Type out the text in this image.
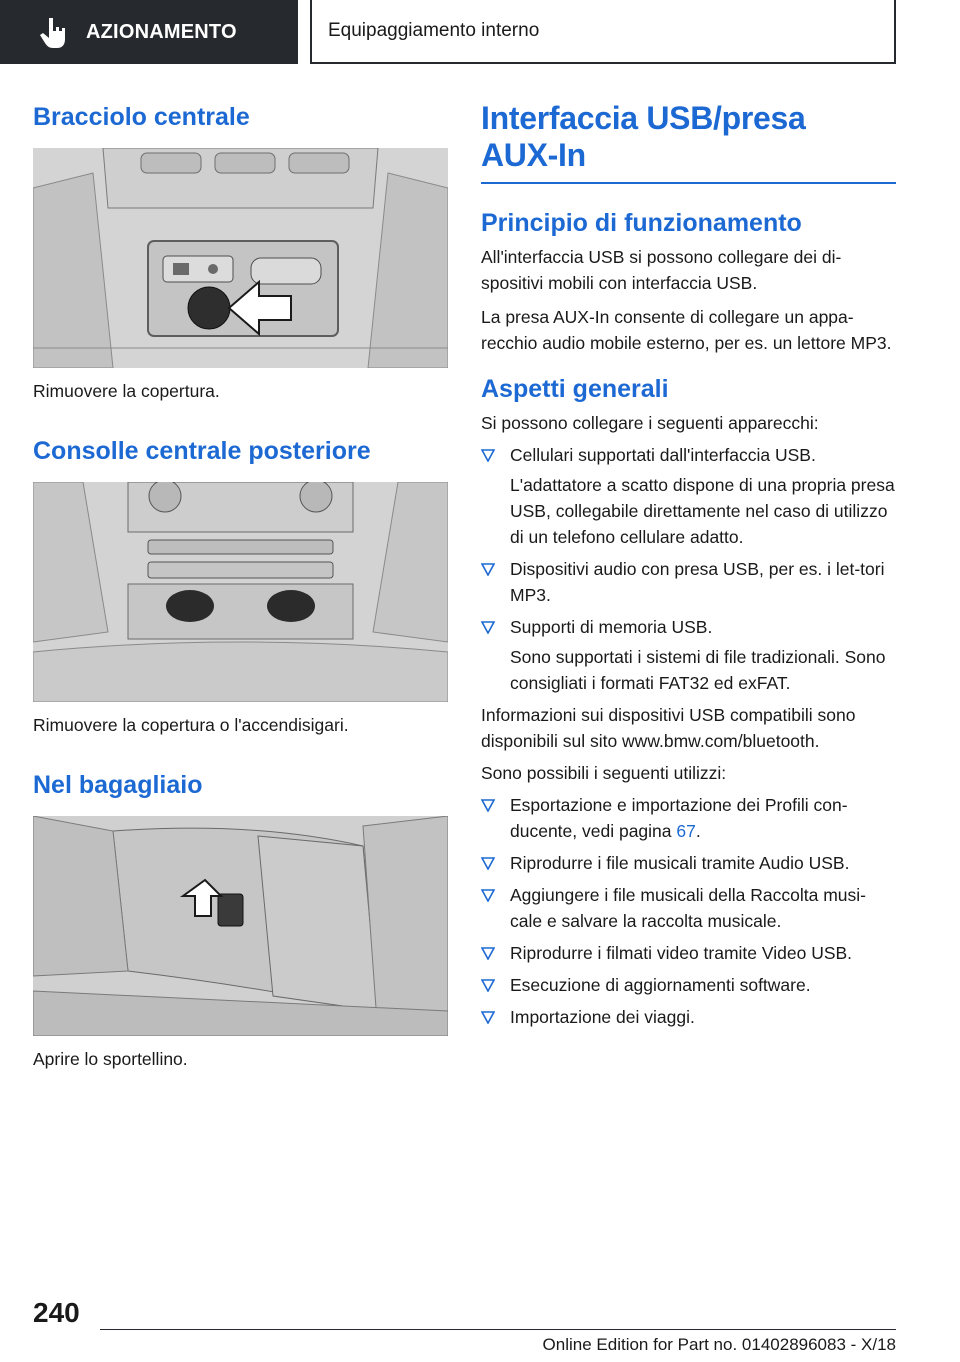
AZIONAMENTO	Equipaggiamento interno
Bracciolo centrale

Rimuovere la copertura.

Consolle centrale posteriore

Rimuovere la copertura o l'accendisigari.

Nel bagagliaio

Aprire lo sportellino.

Interfaccia USB/presa
AUX-In
Principio di funzionamento

All'interfaccia USB si possono collegare dei di-spositivi mobili con interfaccia USB.

La presa AUX-In consente di collegare un appa-recchio audio mobile esterno, per es. un lettore MP3.

Aspetti generali

Si possono collegare i seguenti apparecchi:

Cellulari supportati dall'interfaccia USB.
L'adattatore a scatto dispone di una propria presa USB, collegabile direttamente nel caso di utilizzo di un telefono cellulare adatto.
Dispositivi audio con presa USB, per es. i let-tori MP3.
Supporti di memoria USB.
Sono supportati i sistemi di file tradizionali. Sono consigliati i formati FAT32 ed exFAT.

Informazioni sui dispositivi USB compatibili sono disponibili sul sito www.bmw.com/bluetooth.

Sono possibili i seguenti utilizzi:

Esportazione e importazione dei Profili con-ducente, vedi pagina 67.
Riprodurre i file musicali tramite Audio USB.
Aggiungere i file musicali della Raccolta musi-cale e salvare la raccolta musicale.
Riprodurre i filmati video tramite Video USB.
Esecuzione di aggiornamenti software.
Importazione dei viaggi.
240
Online Edition for Part no. 01402896083 - X/18
